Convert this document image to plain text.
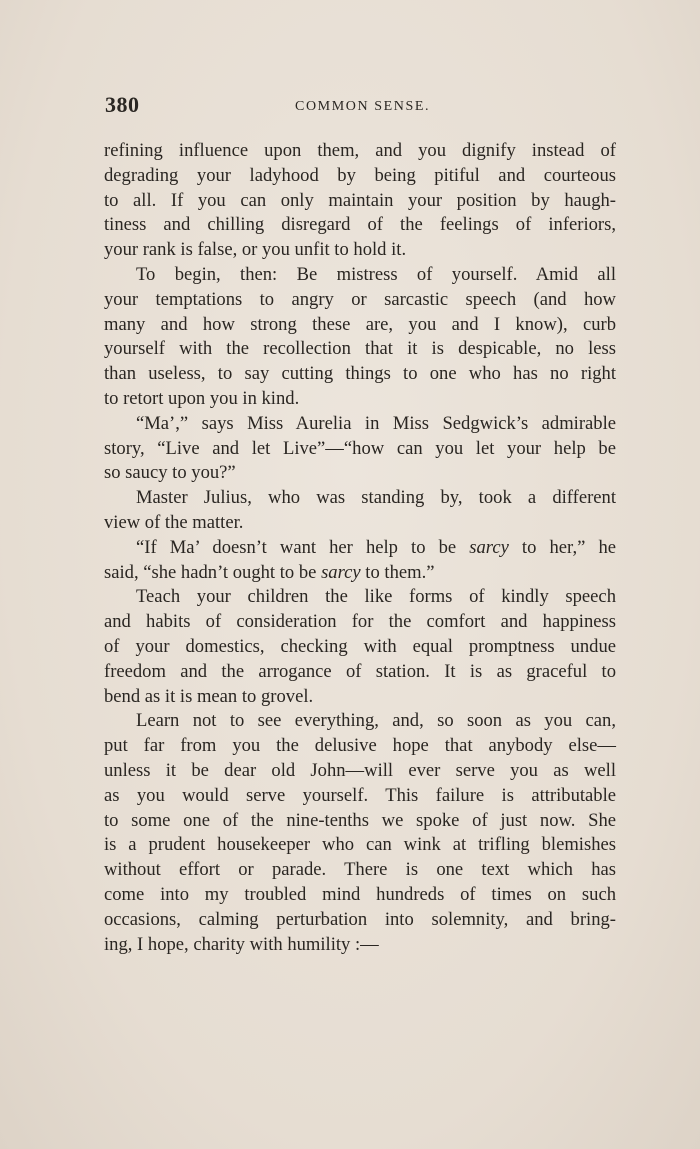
380	COMMON SENSE.
refining influence upon them, and you dignify instead of
degrading your ladyhood by being pitiful and courteous
to all. If you can only maintain your position by haugh-
tiness and chilling disregard of the feelings of inferiors,
your rank is false, or you unfit to hold it.
To begin, then: Be mistress of yourself. Amid all
your temptations to angry or sarcastic speech (and how
many and how strong these are, you and I know), curb
yourself with the recollection that it is despicable, no less
than useless, to say cutting things to one who has no right
to retort upon you in kind.
“Ma’,” says Miss Aurelia in Miss Sedgwick’s admirable
story, “Live and let Live”—“how can you let your help be
so saucy to you?”
Master Julius, who was standing by, took a different
view of the matter.
“If Ma’ doesn’t want her help to be sarcy to her,” he
said, “she hadn’t ought to be sarcy to them.”
Teach your children the like forms of kindly speech
and habits of consideration for the comfort and happiness
of your domestics, checking with equal promptness undue
freedom and the arrogance of station. It is as graceful to
bend as it is mean to grovel.
Learn not to see everything, and, so soon as you can,
put far from you the delusive hope that anybody else—
unless it be dear old John—will ever serve you as well
as you would serve yourself. This failure is attributable
to some one of the nine-tenths we spoke of just now. She
is a prudent housekeeper who can wink at trifling blemishes
without effort or parade. There is one text which has
come into my troubled mind hundreds of times on such
occasions, calming perturbation into solemnity, and bring-
ing, I hope, charity with humility :—
